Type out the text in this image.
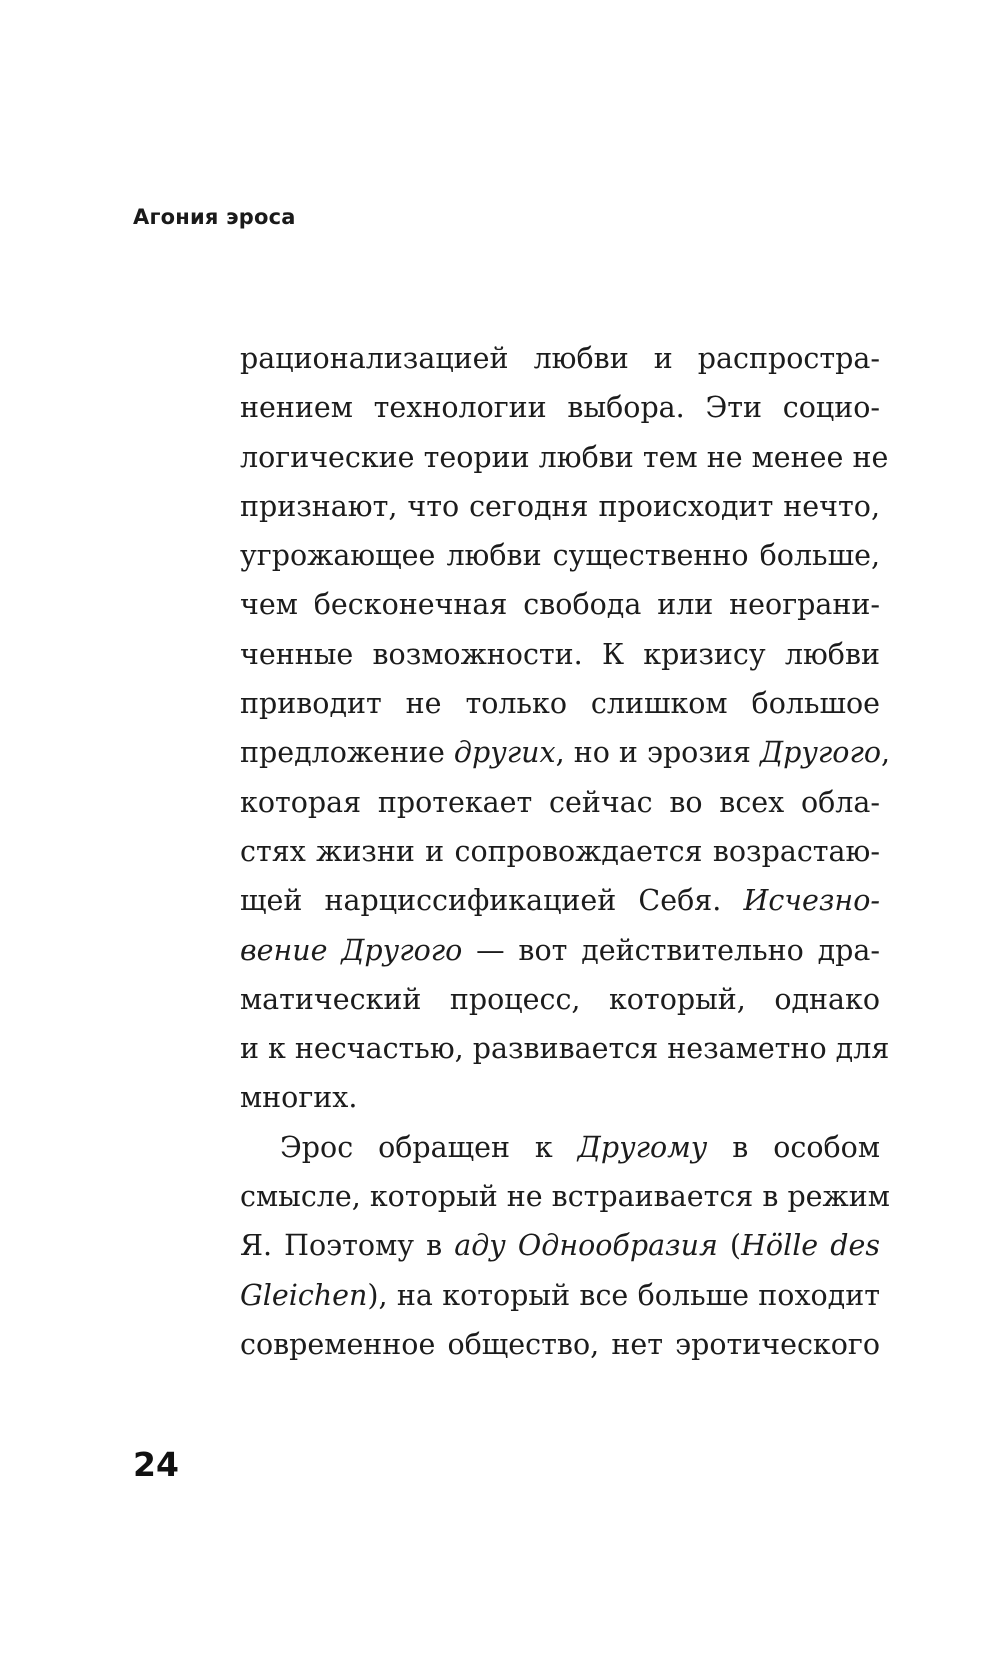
Агония эроса
рационализацией любви и распростра-
нением технологии выбора. Эти социо-
логические теории любви тем не менее не
признают, что сегодня происходит нечто,
угрожающее любви существенно больше,
чем бесконечная свобода или неограни-
ченные возможности. К кризису любви
приводит не только слишком большое
предложение других, но и эрозия Другого,
которая протекает сейчас во всех обла-
стях жизни и сопровождается возрастаю-
щей нарциссификацией Себя. Исчезно-
вение Другого — вот действительно дра-
матический процесс, который, однако
и к несчастью, развивается незаметно для
многих.
Эрос обращен к Другому в особом
смысле, который не встраивается в режим
Я. Поэтому в аду Однообразия (Hölle des
Gleichen), на который все больше походит
современное общество, нет эротического
24
